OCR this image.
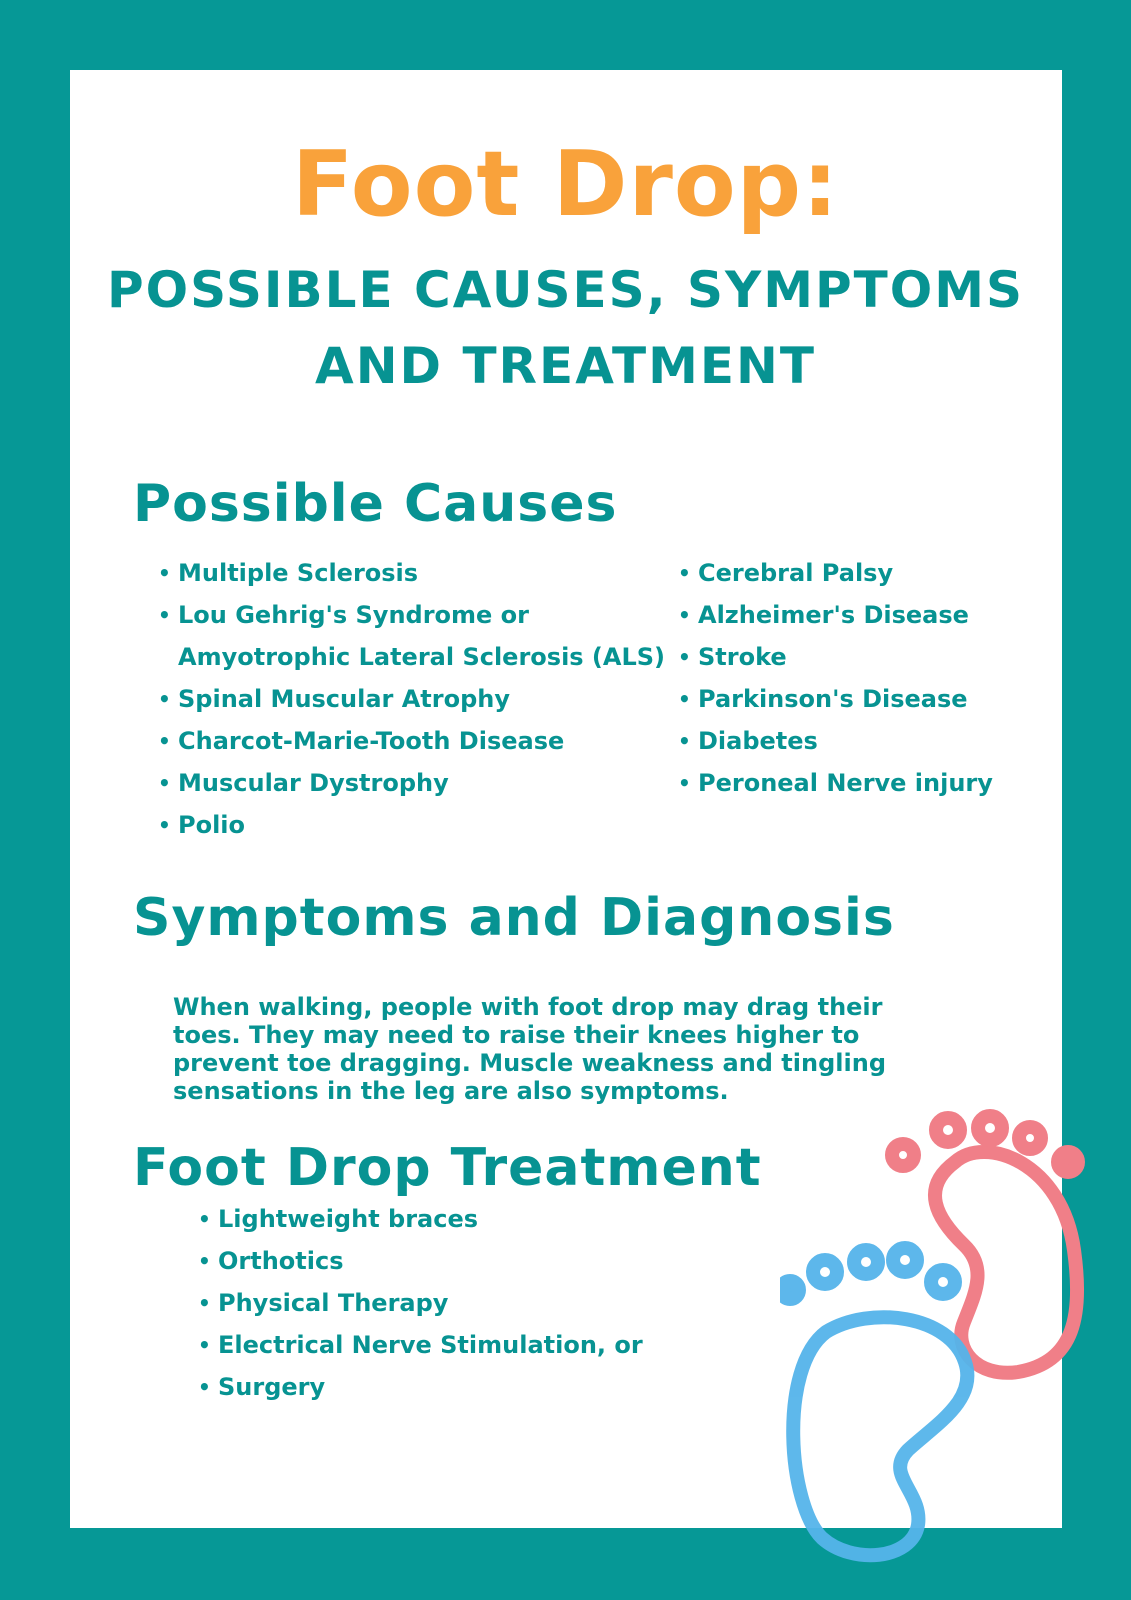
Foot Drop:
POSSIBLE CAUSES, SYMPTOMS
AND TREATMENT
Possible Causes
• Multiple Sclerosis
• Lou Gehrig's Syndrome or
Amyotrophic Lateral Sclerosis (ALS)
• Spinal Muscular Atrophy
• Charcot-Marie-Tooth Disease
• Muscular Dystrophy
• Polio
• Cerebral Palsy
• Alzheimer's Disease
• Stroke
• Parkinson's Disease
• Diabetes
• Peroneal Nerve injury
Symptoms and Diagnosis
When walking, people with foot drop may drag their toes. They may need to raise their knees higher to prevent toe dragging. Muscle weakness and tingling sensations in the leg are also symptoms.
Foot Drop Treatment
• Lightweight braces
• Orthotics
• Physical Therapy
• Electrical Nerve Stimulation, or
• Surgery
